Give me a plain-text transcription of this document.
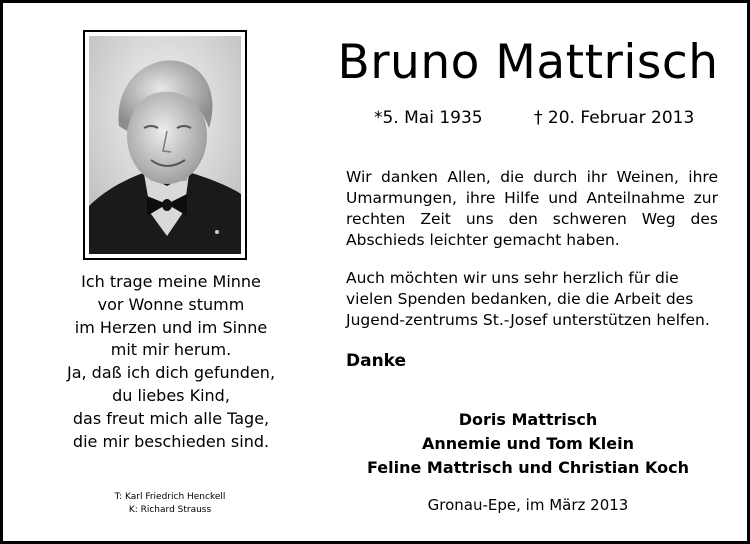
Bruno Mattrisch
*5. Mai 1935	† 20. Februar 2013
Wir danken Allen, die durch ihr Weinen, ihre Umarmungen, ihre Hilfe und Anteilnahme zur rechten Zeit uns den schweren Weg des Abschieds leichter gemacht haben.
Auch möchten wir uns sehr herzlich für die vielen Spenden bedanken, die die Arbeit des Jugend-zentrums St.-Josef unterstützen helfen.
Danke
Doris Mattrisch
Annemie und Tom Klein
Feline Mattrisch und Christian Koch
Gronau-Epe, im März 2013
Ich trage meine Minne
vor Wonne stumm
im Herzen und im Sinne
mit mir herum.
Ja, daß ich dich gefunden,
du liebes Kind,
das freut mich alle Tage,
die mir beschieden sind.
T: Karl Friedrich Henckell
K: Richard Strauss
